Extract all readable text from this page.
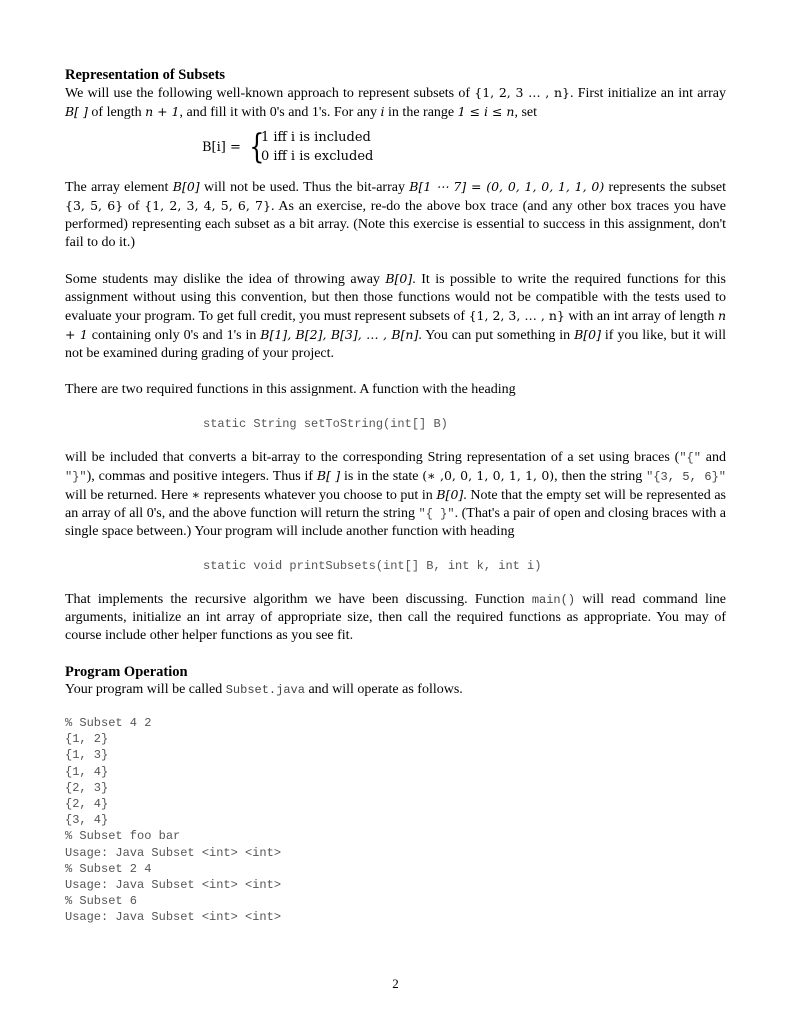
Representation of Subsets

We will use the following well-known approach to represent subsets of {1, 2, 3 … , n}. First initialize an int array B[ ] of length n + 1, and fill it with 0's and 1's. For any i in the range 1 ≤ i ≤ n, set

B[i] = {
1 iff i is included
0 iff i is excluded

The array element B[0] will not be used. Thus the bit-array B[1 ⋯ 7] = (0, 0, 1, 0, 1, 1, 0) represents the subset {3, 5, 6} of {1, 2, 3, 4, 5, 6, 7}. As an exercise, re-do the above box trace (and any other box traces you have performed) representing each subset as a bit array. (Note this exercise is essential to success in this assignment, don't fail to do it.)

Some students may dislike the idea of throwing away B[0]. It is possible to write the required functions for this assignment without using this convention, but then those functions would not be compatible with the tests used to evaluate your program. To get full credit, you must represent subsets of {1, 2, 3, … , n} with an int array of length n + 1 containing only 0's and 1's in B[1], B[2], B[3], … , B[n]. You can put something in B[0] if you like, but it will not be examined during grading of your project.

There are two required functions in this assignment. A function with the heading

static String setToString(int[] B)

will be included that converts a bit-array to the corresponding String representation of a set using braces ("{" and "}"), commas and positive integers. Thus if B[ ] is in the state (∗ ,0, 0, 1, 0, 1, 1, 0), then the string "{3, 5, 6}" will be returned. Here ∗ represents whatever you choose to put in B[0]. Note that the empty set will be represented as an array of all 0's, and the above function will return the string "{ }". (That's a pair of open and closing braces with a single space between.) Your program will include another function with heading

static void printSubsets(int[] B, int k, int i)

That implements the recursive algorithm we have been discussing. Function main() will read command line arguments, initialize an int array of appropriate size, then call the required functions as appropriate. You may of course include other helper functions as you see fit.

Program Operation

Your program will be called Subset.java and will operate as follows.

% Subset 4 2

{1, 2}

{1, 3}

{1, 4}

{2, 3}

{2, 4}

{3, 4}

% Subset foo bar

Usage: Java Subset <int> <int>

% Subset 2 4

Usage: Java Subset <int> <int>

% Subset 6

Usage: Java Subset <int> <int>

2
